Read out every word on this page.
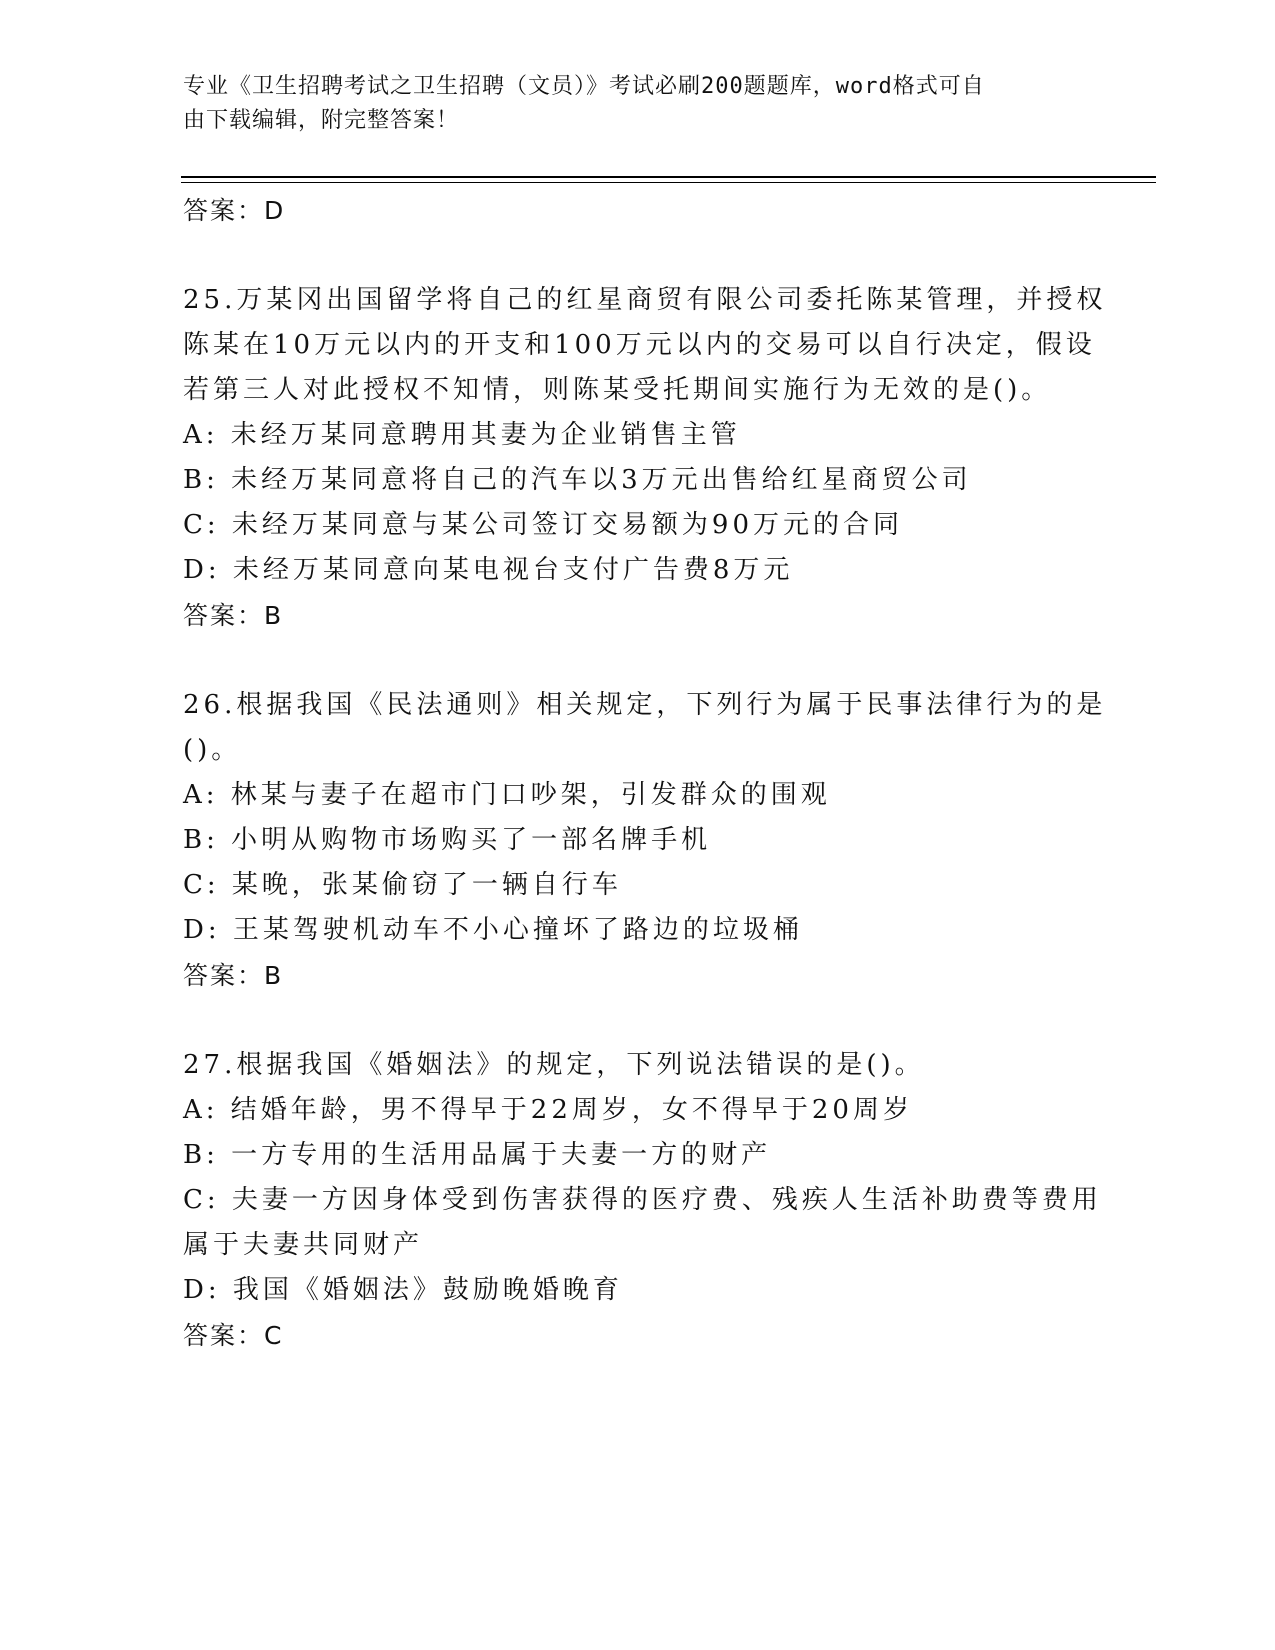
专业《卫生招聘考试之卫生招聘（文员）》考试必刷200题题库，word格式可自
由下载编辑，附完整答案！
答案：D
25.万某冈出国留学将自己的红星商贸有限公司委托陈某管理，并授权
陈某在10万元以内的开支和100万元以内的交易可以自行决定，假设
若第三人对此授权不知情，则陈某受托期间实施行为无效的是()。
A: 未经万某同意聘用其妻为企业销售主管
B: 未经万某同意将自己的汽车以3万元出售给红星商贸公司
C: 未经万某同意与某公司签订交易额为90万元的合同
D: 未经万某同意向某电视台支付广告费8万元
答案：B
26.根据我国《民法通则》相关规定，下列行为属于民事法律行为的是
()。
A: 林某与妻子在超市门口吵架，引发群众的围观
B: 小明从购物市场购买了一部名牌手机
C: 某晚，张某偷窃了一辆自行车
D: 王某驾驶机动车不小心撞坏了路边的垃圾桶
答案：B
27.根据我国《婚姻法》的规定，下列说法错误的是()。
A: 结婚年龄，男不得早于22周岁，女不得早于20周岁
B: 一方专用的生活用品属于夫妻一方的财产
C: 夫妻一方因身体受到伤害获得的医疗费、残疾人生活补助费等费用
属于夫妻共同财产
D: 我国《婚姻法》鼓励晚婚晚育
答案：C
